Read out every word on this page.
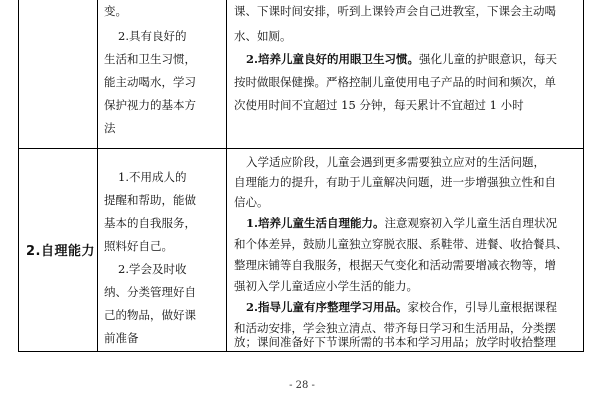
变。
2.具有良好的
生活和卫生习惯，
能主动喝水，学习
保护视力的基本方
法
课、下课时间安排，听到上课铃声会自己进教室，下课会主动喝
水、如厕。
2.培养儿童良好的用眼卫生习惯。强化儿童的护眼意识，每天
按时做眼保健操。严格控制儿童使用电子产品的时间和频次，单
次使用时间不宜超过 15 分钟，每天累计不宜超过 1 小时
2.自理能力
1.不用成人的
提醒和帮助，能做
基本的自我服务，
照料好自己。
2.学会及时收
纳、分类管理好自
己的物品，做好课
前准备
入学适应阶段，儿童会遇到更多需要独立应对的生活问题，
自理能力的提升，有助于儿童解决问题，进一步增强独立性和自
信心。
1.培养儿童生活自理能力。注意观察初入学儿童生活自理状况
和个体差异，鼓励儿童独立穿脱衣服、系鞋带、进餐、收拾餐具、
整理床铺等自我服务，根据天气变化和活动需要增减衣物等，增
强初入学儿童适应小学生活的能力。
2.指导儿童有序整理学习用品。家校合作，引导儿童根据课程
和活动安排，学会独立清点、带齐每日学习和生活用品，分类摆
放；课间准备好下节课所需的书本和学习用品；放学时收拾整理
- 28 -
